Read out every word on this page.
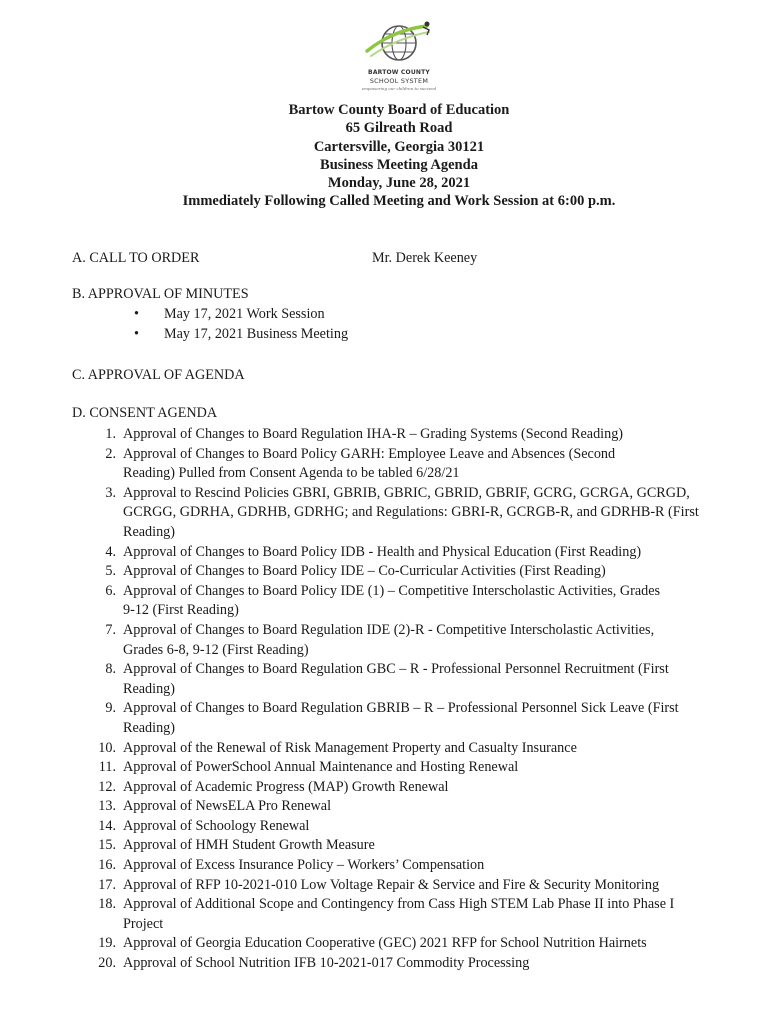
BARTOW COUNTY
SCHOOL SYSTEM
empowering our children to succeed
Bartow County Board of Education
65 Gilreath Road
Cartersville, Georgia 30121
Business Meeting Agenda
Monday, June 28, 2021
Immediately Following Called Meeting and Work Session at 6:00 p.m.
A. CALL TO ORDER	Mr. Derek Keeney
B. APPROVAL OF MINUTES
• May 17, 2021 Work Session
• May 17, 2021 Business Meeting
C. APPROVAL OF AGENDA
D. CONSENT AGENDA
1. Approval of Changes to Board Regulation IHA-R – Grading Systems (Second Reading)
2. Approval of Changes to Board Policy GARH: Employee Leave and Absences (Second
Reading) Pulled from Consent Agenda to be tabled 6/28/21
3. Approval to Rescind Policies GBRI, GBRIB, GBRIC, GBRID, GBRIF, GCRG, GCRGA, GCRGD,
GCRGG, GDRHA, GDRHB, GDRHG; and Regulations: GBRI-R, GCRGB-R, and GDRHB-R (First
Reading)
4. Approval of Changes to Board Policy IDB - Health and Physical Education (First Reading)
5. Approval of Changes to Board Policy IDE – Co-Curricular Activities (First Reading)
6. Approval of Changes to Board Policy IDE (1) – Competitive Interscholastic Activities, Grades
9-12 (First Reading)
7. Approval of Changes to Board Regulation IDE (2)-R - Competitive Interscholastic Activities,
Grades 6-8, 9-12 (First Reading)
8. Approval of Changes to Board Regulation GBC – R - Professional Personnel Recruitment (First
Reading)
9. Approval of Changes to Board Regulation GBRIB – R – Professional Personnel Sick Leave (First
Reading)
10. Approval of the Renewal of Risk Management Property and Casualty Insurance
11. Approval of PowerSchool Annual Maintenance and Hosting Renewal
12. Approval of Academic Progress (MAP) Growth Renewal
13. Approval of NewsELA Pro Renewal
14. Approval of Schoology Renewal
15. Approval of HMH Student Growth Measure
16. Approval of Excess Insurance Policy – Workers’ Compensation
17. Approval of RFP 10-2021-010 Low Voltage Repair & Service and Fire & Security Monitoring
18. Approval of Additional Scope and Contingency from Cass High STEM Lab Phase II into Phase I
Project
19. Approval of Georgia Education Cooperative (GEC) 2021 RFP for School Nutrition Hairnets
20. Approval of School Nutrition IFB 10-2021-017 Commodity Processing
